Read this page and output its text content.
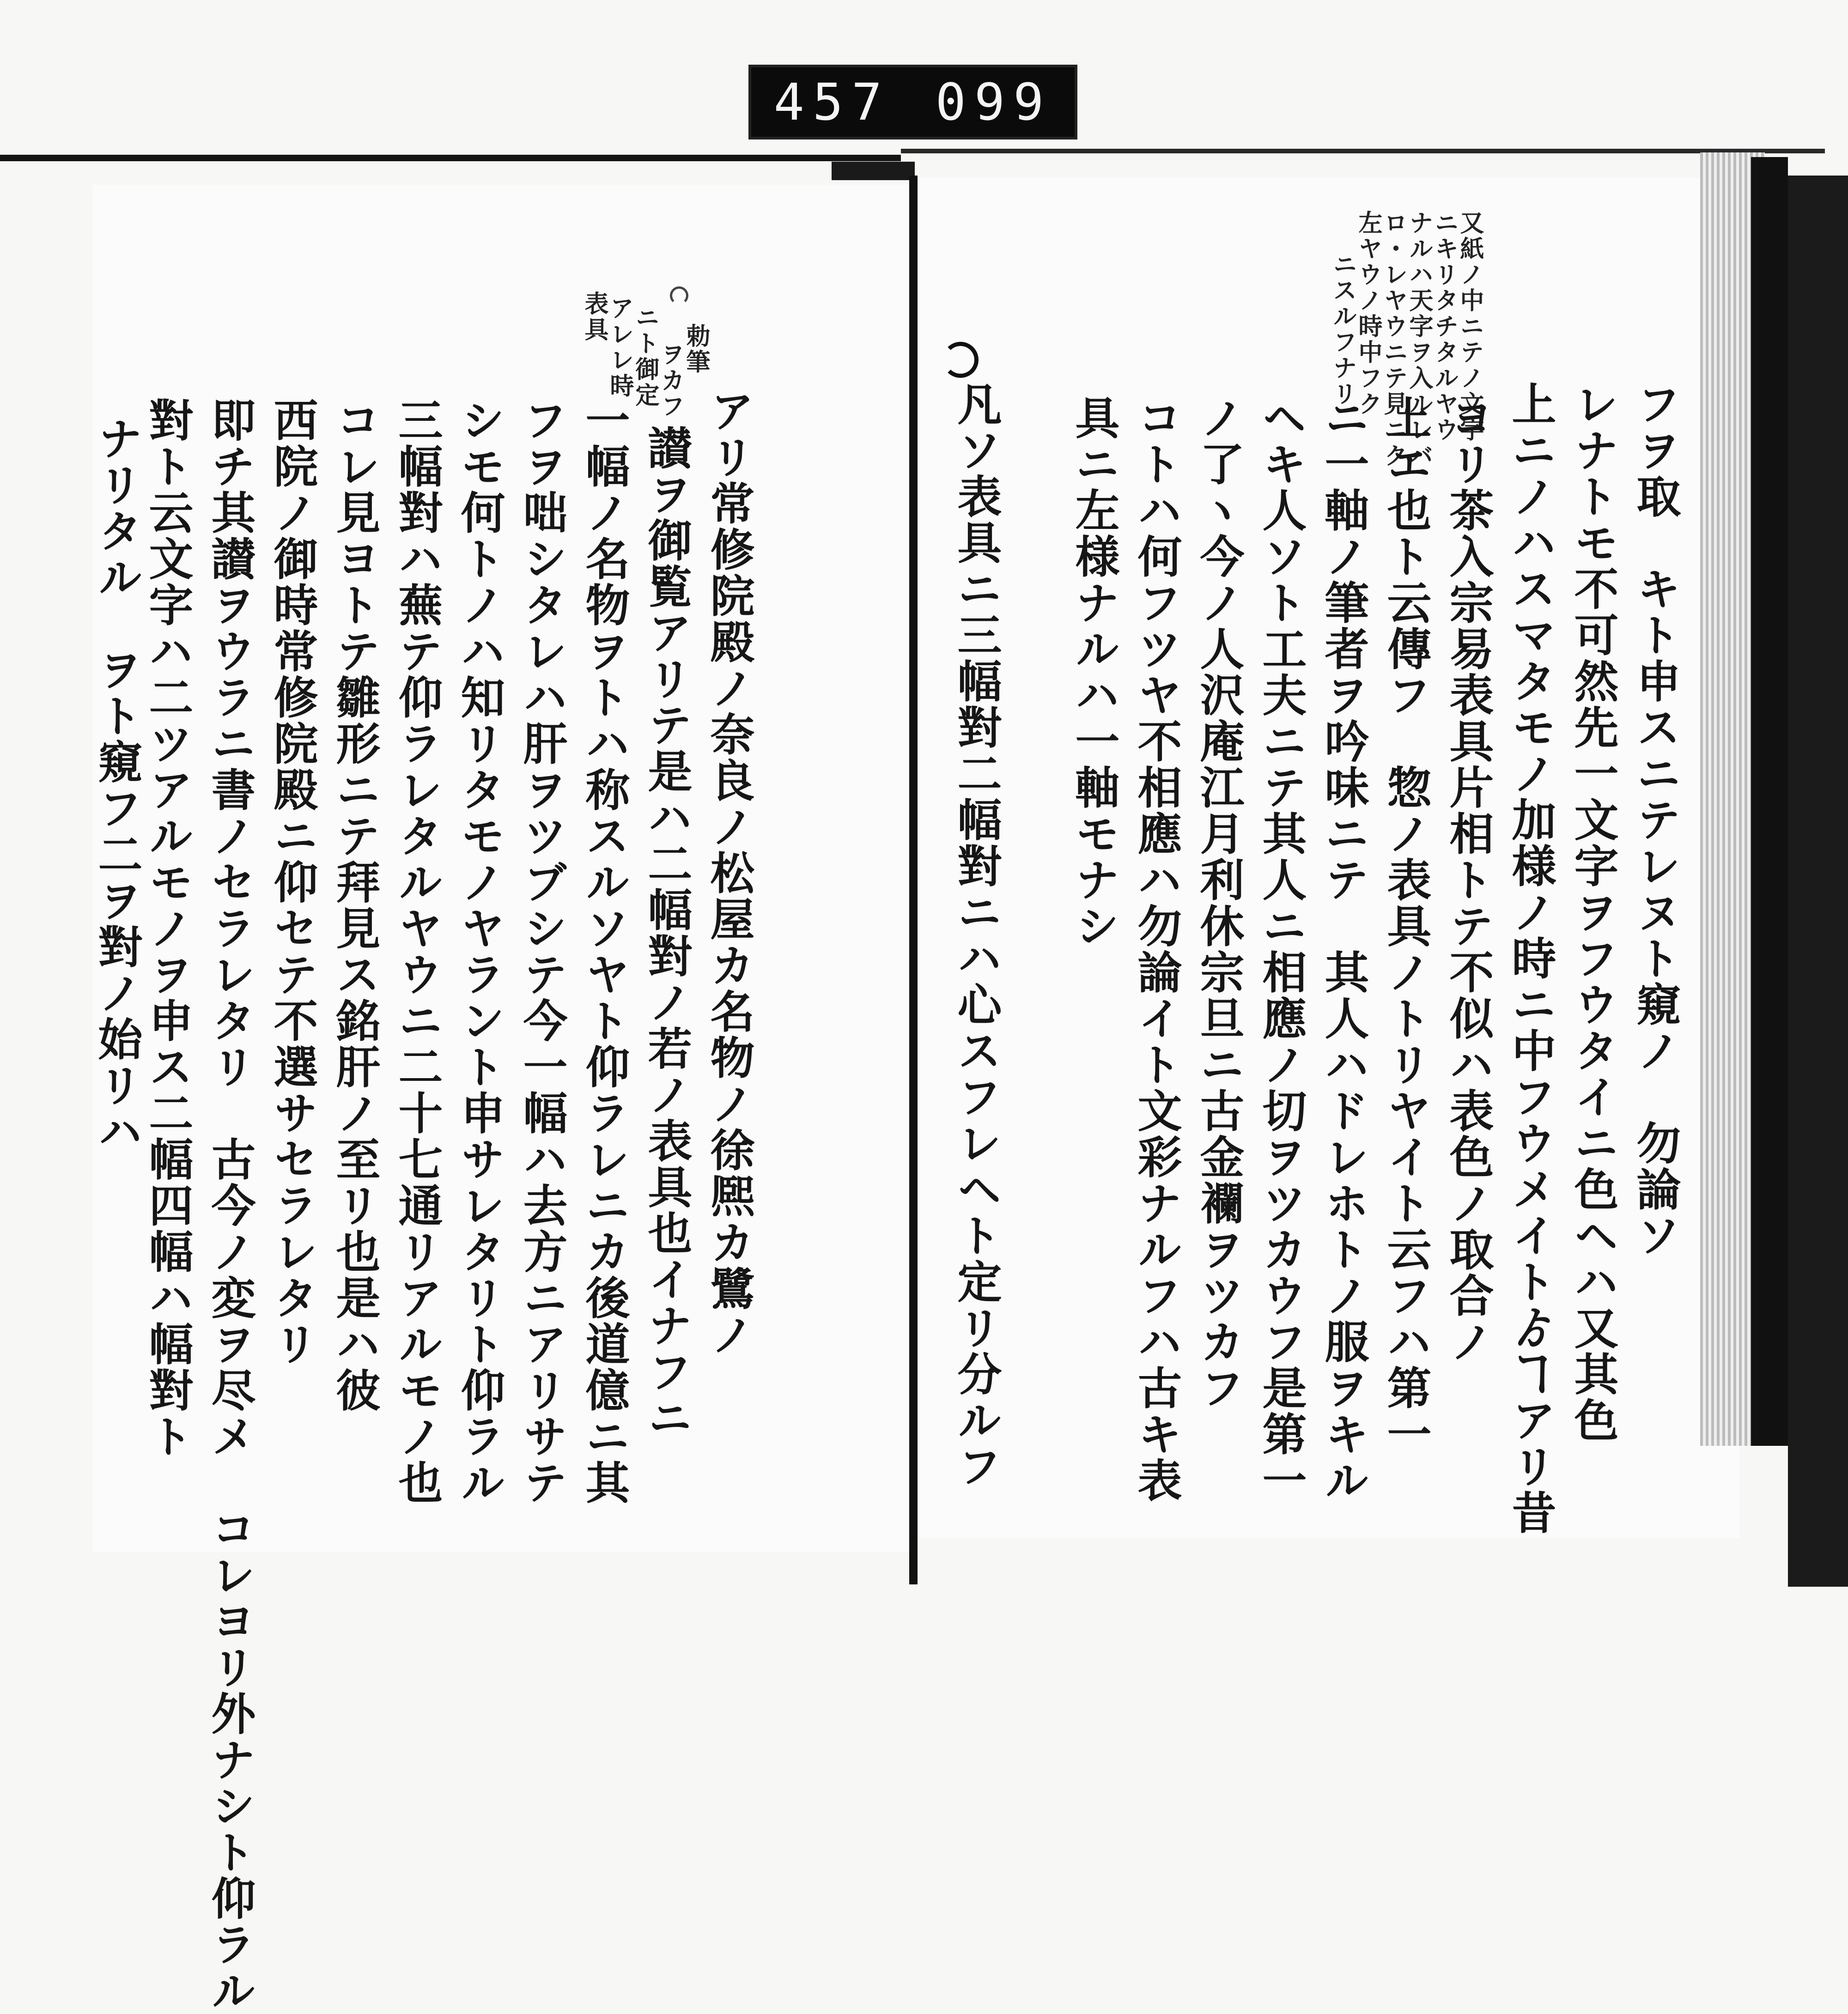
457 099
勅筆
ヲカフ
ニト御定
アレレ時
表具
アリ常修院殿ノ奈良ノ松屋カ名物ノ徐熈カ鷺ノ
讃ヲ御覧アリテ是ハ二幅對ノ若ノ表具也イナフニ
一幅ノ名物ヲトハ称スルソヤト仰ラレニカ後道億ニ其
フヲ咄シタレハ肝ヲツブシテ今一幅ハ去方ニアリサテ
シモ何トノハ知リタモノヤラント申サレタリト仰ラル
三幅對ハ蕪テ仰ラレタルヤウニ二十七通リアルモノ也
コレ見ヨトテ雛形ニテ拜見ス銘肝ノ至リ也是ハ彼
西院ノ御時常修院殿ニ仰セテ不選サセラレタリ
即チ其讃ヲウラニ書ノセラレタリ　古今ノ変ヲ尽メ　コレヨリ外ナシト仰ラル
對ト云文字ハ二ツアルモノヲ申ス二幅四幅ハ幅對ト
ナリタル　ヲト窺フ二ヲ對ノ始リハ
又紙ノ中ニテノ文字
ニキリタチタルヤウ
ナルハ天字ヲ入ルレバ
ロ・レヤウニテ見ニク
左ヤウノ時中フク
ニスルフナリ
フヲ取　キト申スニテレヌト窺ノ　勿論ソ
レナトモ不可然先一文字ヲフウタイニ色ヘハ又其色
上ニノハスマタモノ加様ノ時ニ中フウメイトゟヿアリ昔
ヨリ茶入宗易表具片相トテ不似ハ表色ノ取合ノ
上エ也ト云傳フ　惣ノ表具ノトリヤイト云フハ第一
ニ一軸ノ筆者ヲ吟味ニテ　其人ハドレホトノ服ヲキル
ヘキ人ソト工夫ニテ其人ニ相應ノ切ヲツカウフ是第一
ノ了ヽ今ノ人沢庵江月利休宗旦ニ古金襴ヲツカフ
コトハ何フツヤ不相應ハ勿論イト文彩ナルフハ古キ表
具ニ左様ナルハ一軸モナシ
凡ソ表具ニ三幅對二幅對ニハ心スフレヘト定リ分ルフ
